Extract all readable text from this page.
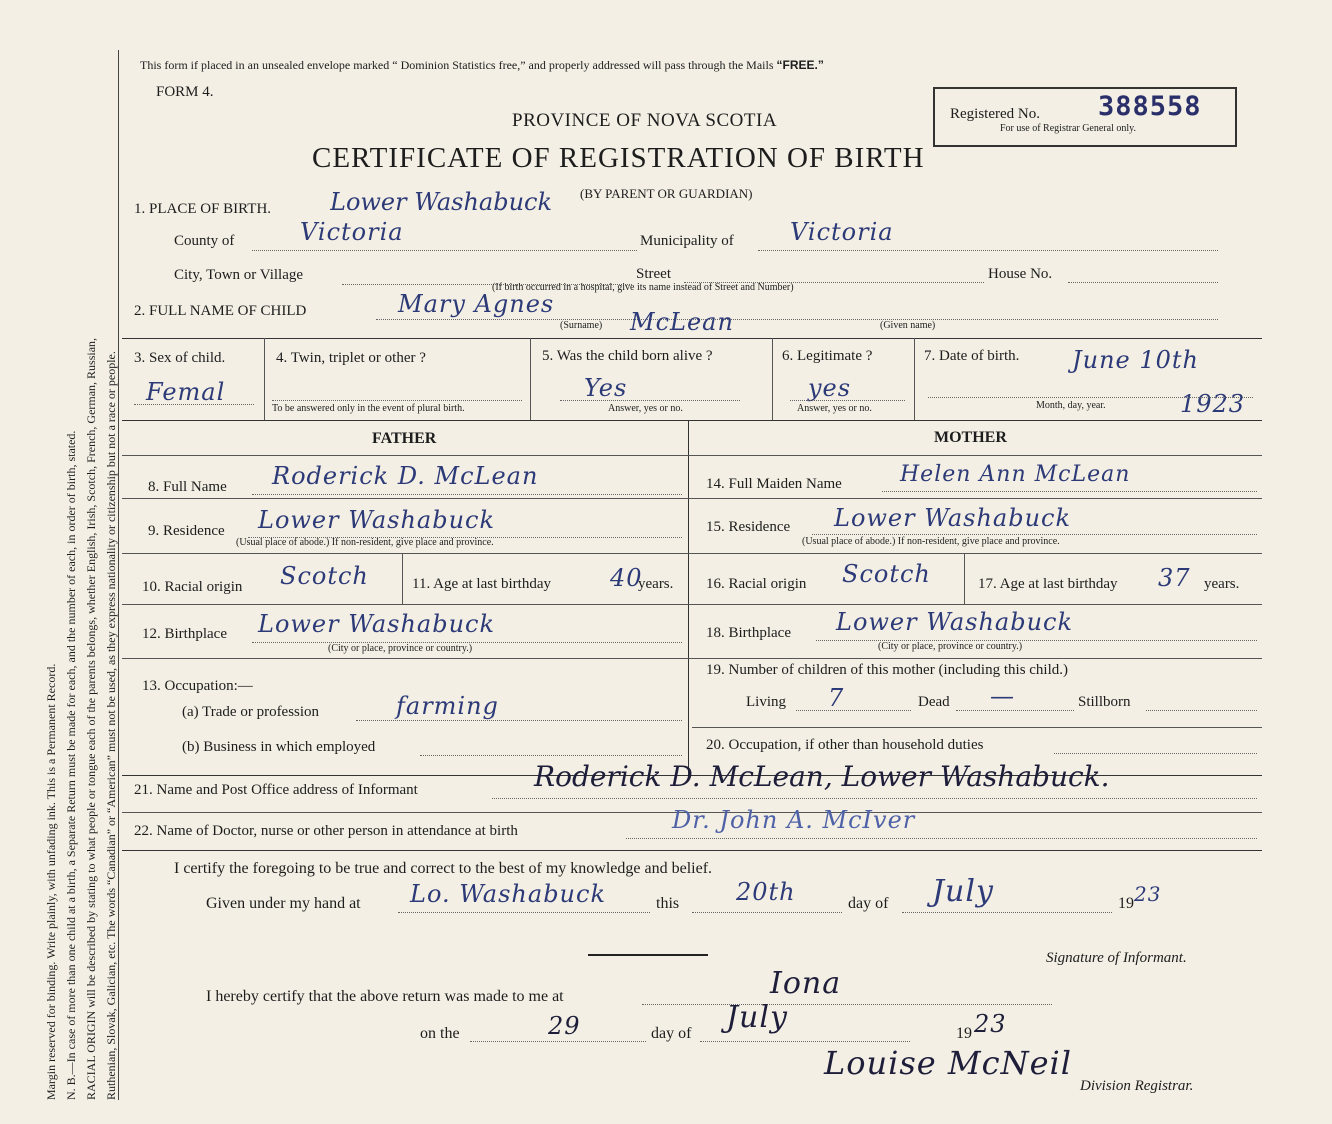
Margin reserved for binding. Write plainly, with unfading ink. This is a Permanent Record. N. B.—In case of more than one child at a birth, a Separate Return must be made for each, and the number of each, in order of birth, stated. RACIAL ORIGIN will be described by stating to what people or tongue each of the parents belongs, whether English, Irish, Scotch, French, German, Russian, Ruthenian, Slovak, Galician, etc. The words “Canadian” or “American” must not be used, as they express nationality or citizenship but not a race or people.
This form if placed in an unsealed envelope marked “ Dominion Statistics free,” and properly addressed will pass through the Mails “FREE.”
FORM 4.
PROVINCE OF NOVA SCOTIA	Registered No. 388558
For use of Registrar General only.
CERTIFICATE OF REGISTRATION OF BIRTH
(BY PARENT OR GUARDIAN)
1. PLACE OF BIRTH. Lower Washabuck
County of	Victoria	Municipality of Victoria
City, Town or Village	Street	House No.
(If birth occurred in a hospital, give its name instead of Street and Number)
2. FULL NAME OF CHILD	Mary Agnes
McLean
(Surname)	(Given name)
3. Sex of child.
Femal
4. Twin, triplet or other ?
To be answered only in the event of plural birth.
5. Was the child born alive ?
Yes
Answer, yes or no.
6. Legitimate ?
yes
Answer, yes or no.
7. Date of birth. June 10th
1923
Month, day, year.
FATHER
8. Full Name Roderick D. McLean
9. Residence Lower Washabuck
(Usual place of abode.) If non-resident, give place and province.
10. Racial origin Scotch	11. Age at last birthday 40
years.
12. Birthplace Lower Washabuck
(City or place, province or country.)
13. Occupation:—
(a) Trade or profession	farming
(b) Business in which employed
MOTHER
14. Full Maiden Name	Helen Ann McLean
15. Residence Lower Washabuck
(Usual place of abode.) If non-resident, give place and province.
16. Racial origin Scotch	17. Age at last birthday 37 years.
18. Birthplace Lower Washabuck
(City or place, province or country.)
19. Number of children of this mother (including this child.)
Living 7	Dead —	Stillborn
20. Occupation, if other than household duties
21. Name and Post Office address of Informant	Roderick D. McLean, Lower Washabuck.
22. Name of Doctor, nurse or other person in attendance at birth	Dr. John A. McIver
I certify the foregoing to be true and correct to the best of my knowledge and belief.
Given under my hand at Lo. Washabuck	this 20th	day of July	19 23
Signature of Informant.
I hereby certify that the above return was made to me at	Iona
on the	29	day of July	19 23
Louise McNeil
Division Registrar.
